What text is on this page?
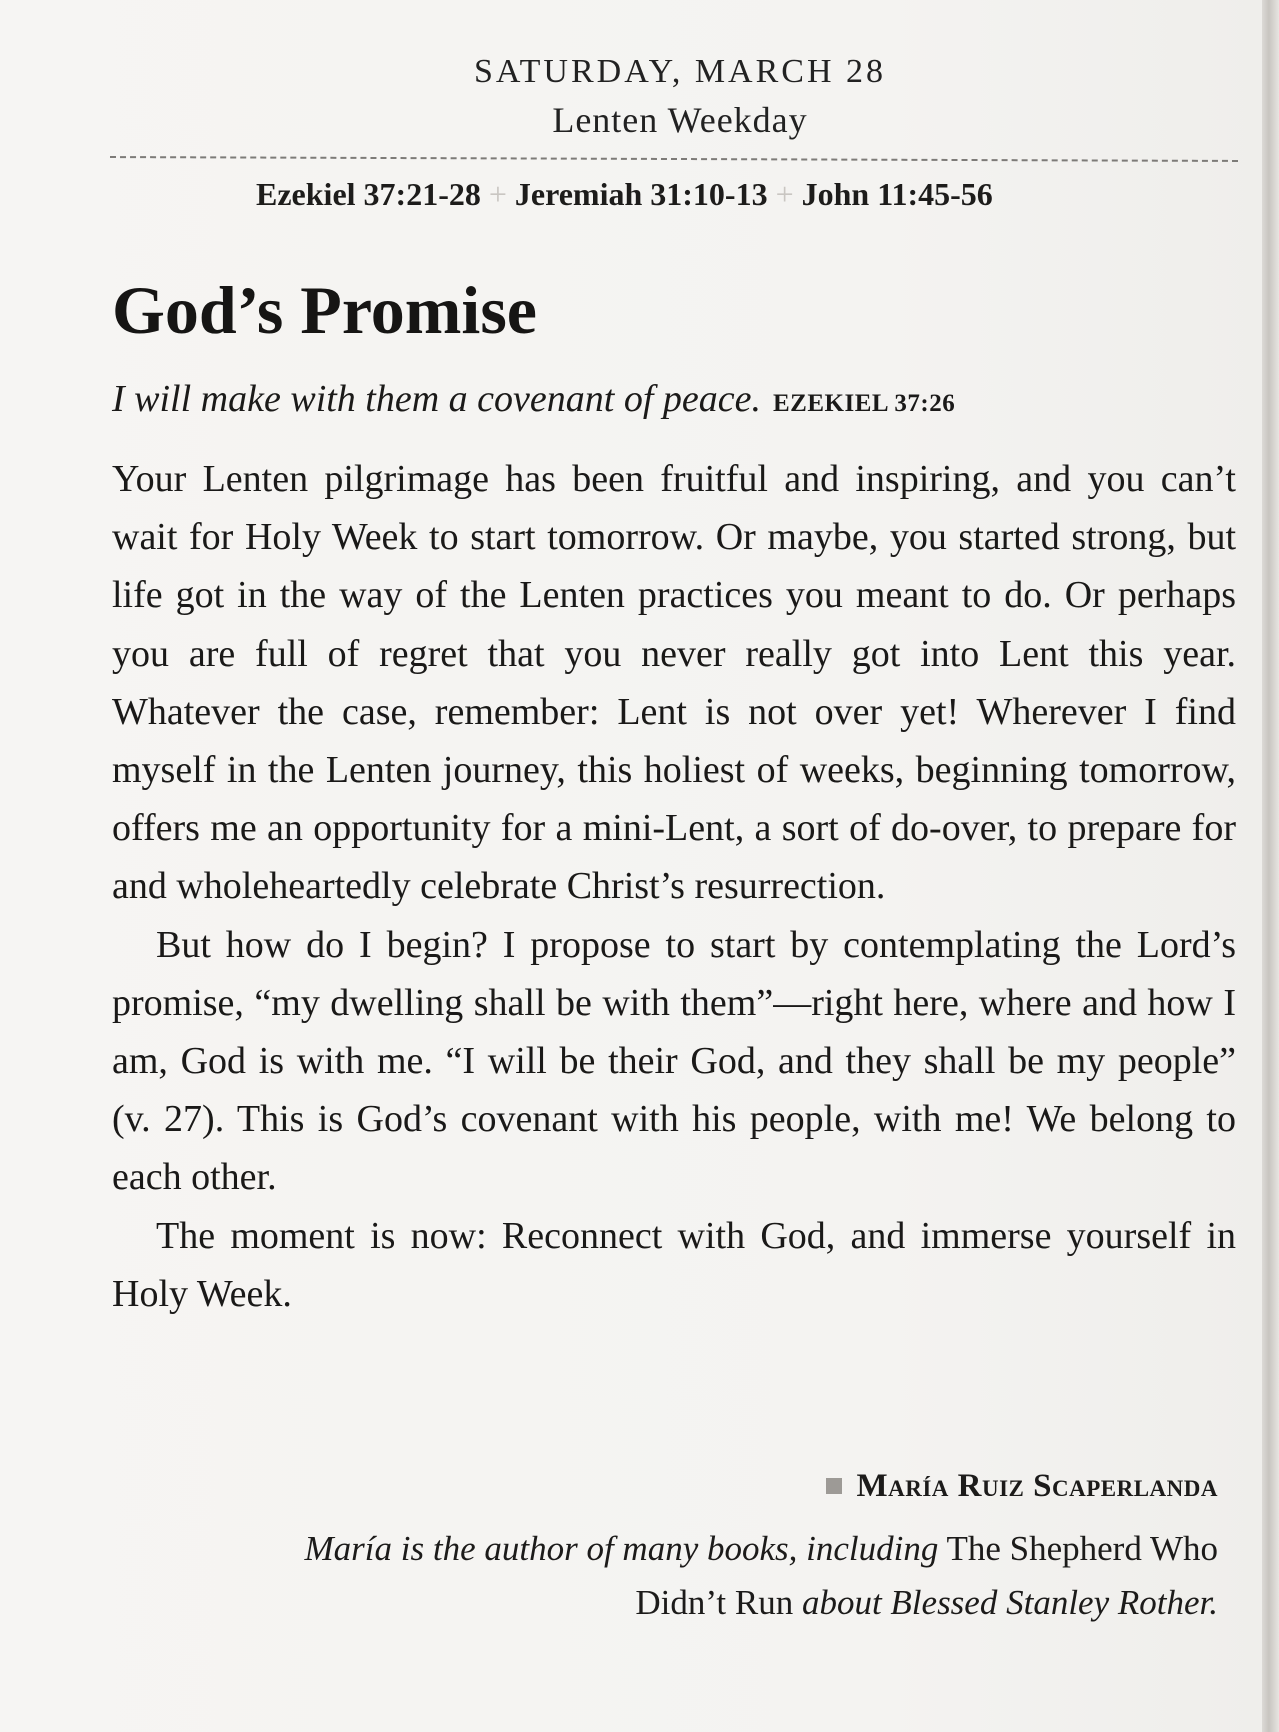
SATURDAY, MARCH 28
Lenten Weekday
Ezekiel 37:21-28 + Jeremiah 31:10-13 + John 11:45-56
God’s Promise
I will make with them a covenant of peace. EZEKIEL 37:26

Your Lenten pilgrimage has been fruitful and inspiring, and you can’t wait for Holy Week to start tomorrow. Or maybe, you started strong, but life got in the way of the Lenten practices you meant to do. Or perhaps you are full of regret that you never really got into Lent this year. Whatever the case, remember: Lent is not over yet! Wherever I find myself in the Lenten journey, this holiest of weeks, beginning tomorrow, offers me an opportunity for a mini-Lent, a sort of do-over, to prepare for and wholeheartedly celebrate Christ’s resurrection.

But how do I begin? I propose to start by contemplating the Lord’s promise, “my dwelling shall be with them”—right here, where and how I am, God is with me. “I will be their God, and they shall be my people” (v. 27). This is God’s covenant with his people, with me! We belong to each other.

The moment is now: Reconnect with God, and immerse yourself in Holy Week.

María Ruiz Scaperlanda
María is the author of many books, including The Shepherd Who Didn’t Run about Blessed Stanley Rother.
